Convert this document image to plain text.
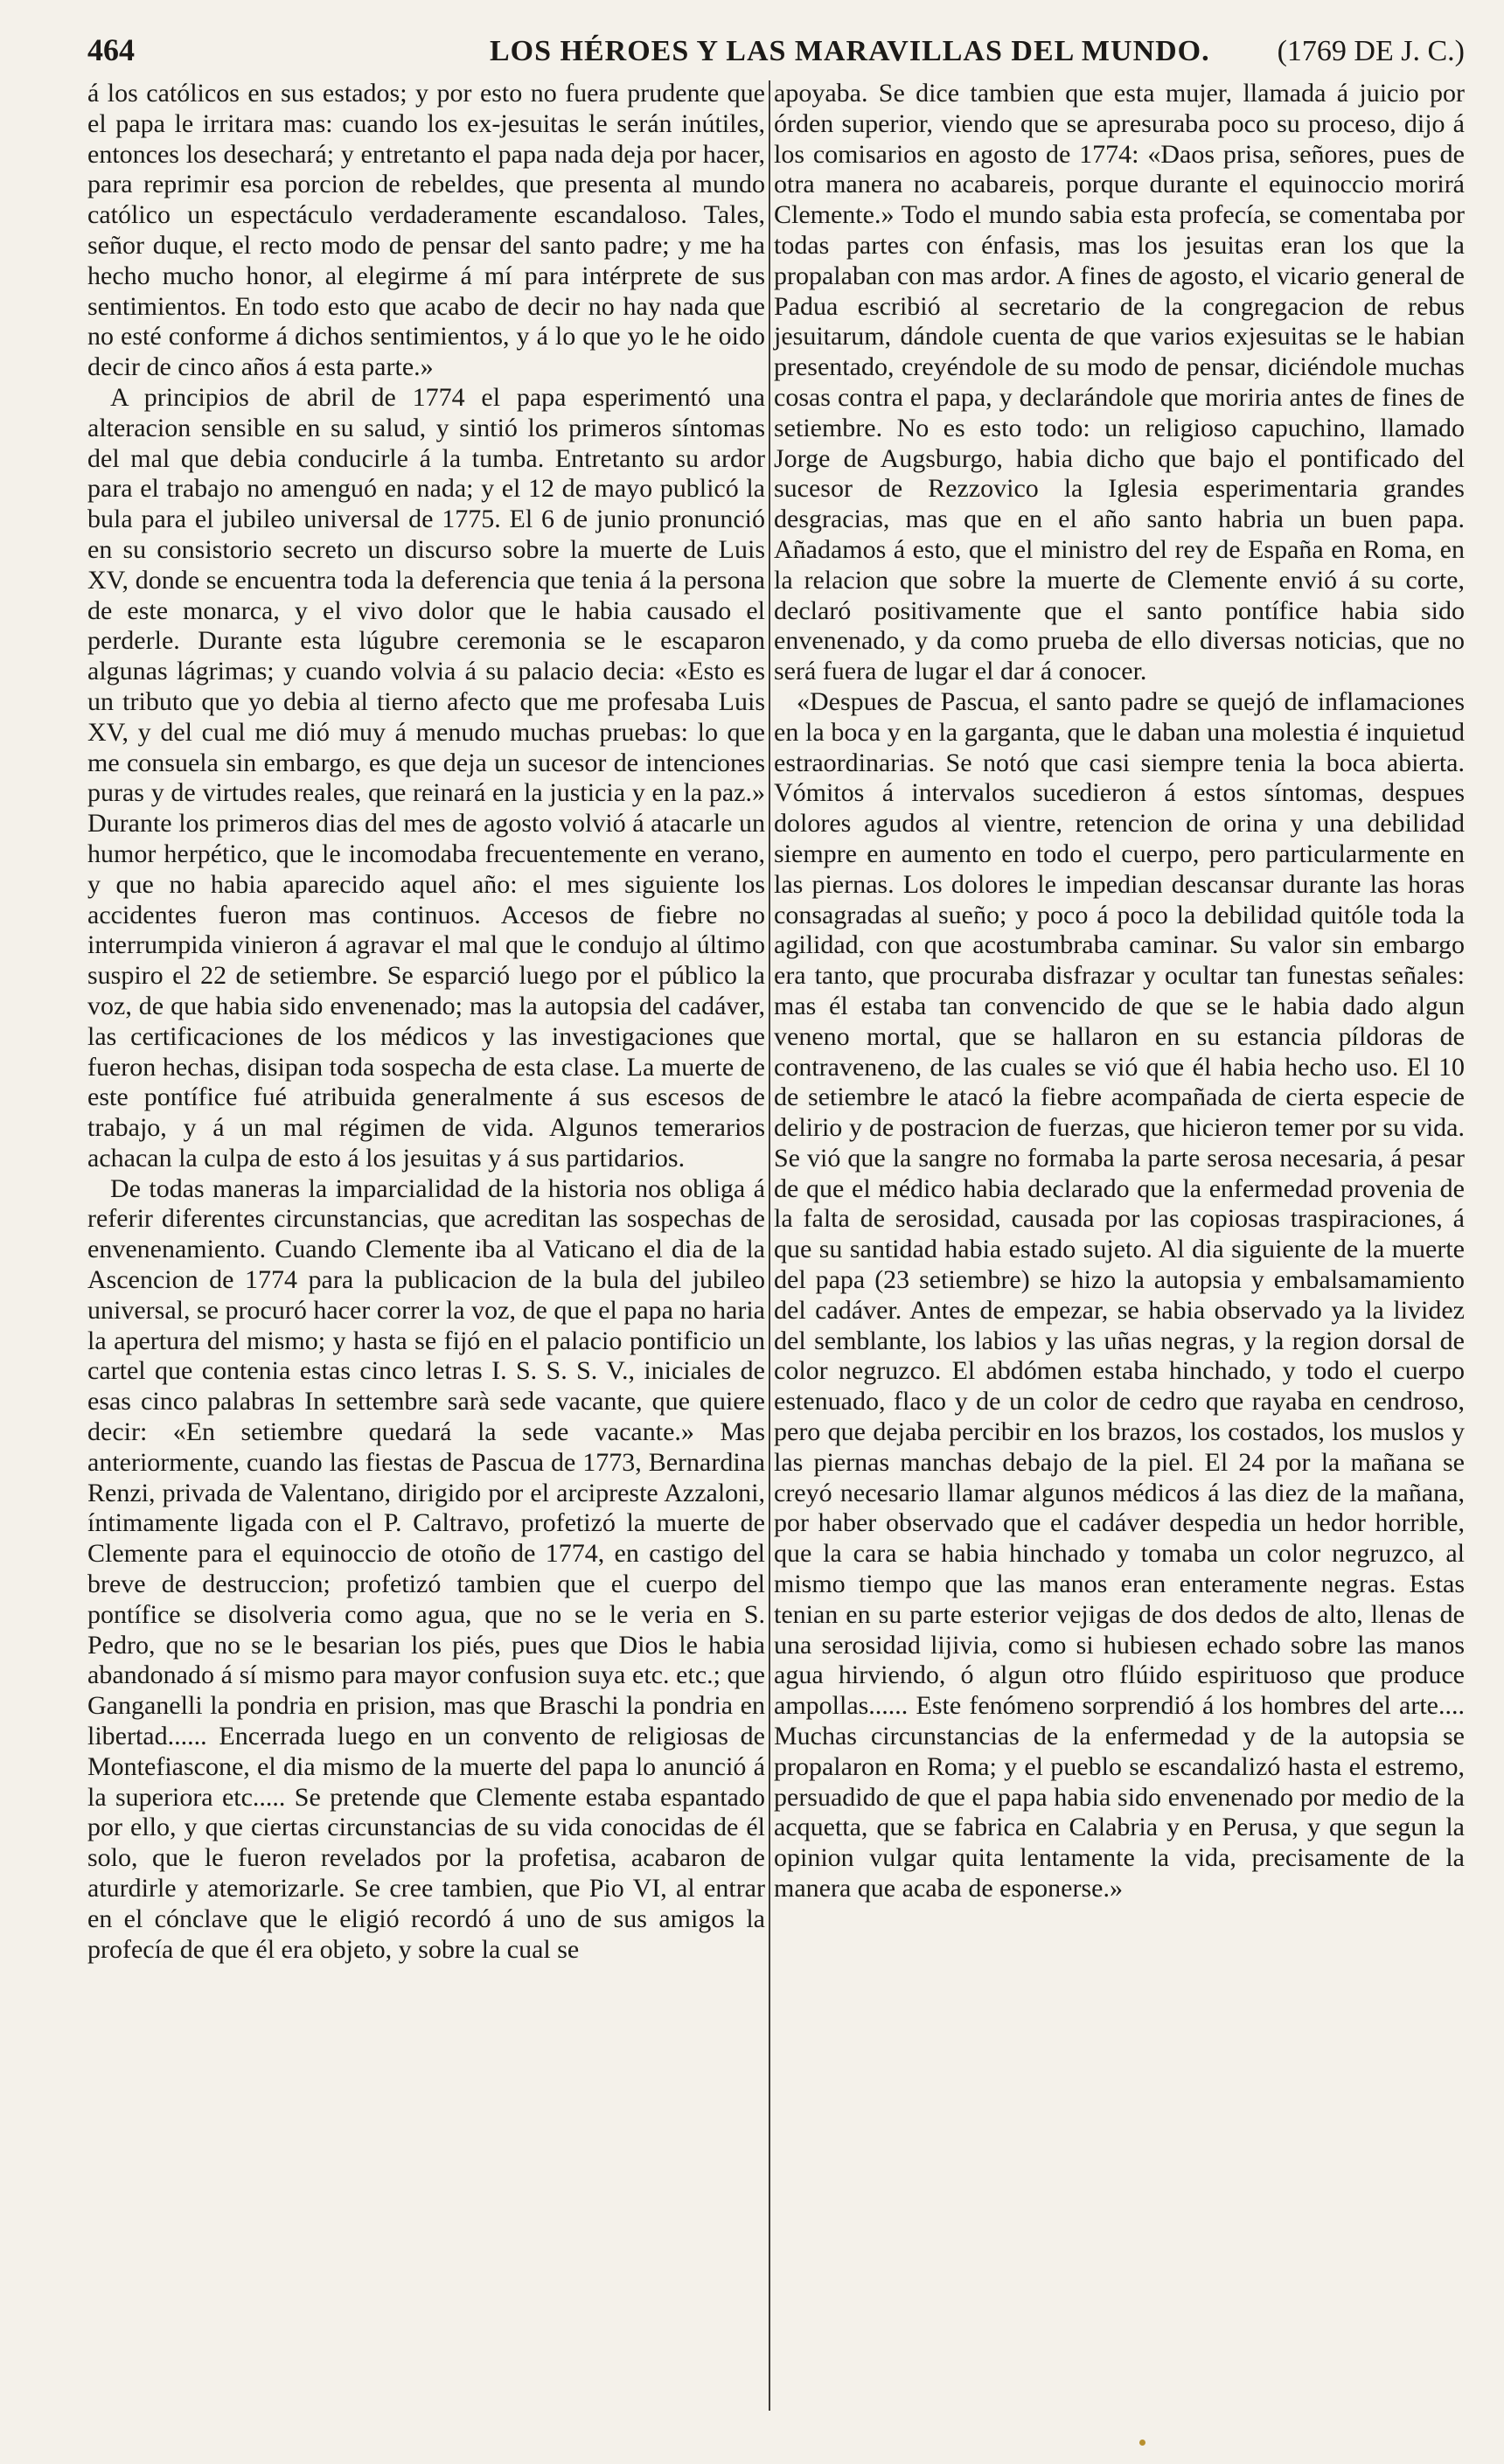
464	LOS HÉROES Y LAS MARAVILLAS DEL MUNDO. (1769 DE J. C.)

á los católicos en sus estados; y por esto no fuera prudente que el papa le irritara mas: cuando los ex-jesuitas le serán inútiles, entonces los desechará; y entretanto el papa nada deja por hacer, para reprimir esa porcion de rebeldes, que presenta al mundo católico un espectáculo verdaderamente escandaloso. Tales, señor duque, el recto modo de pensar del santo padre; y me ha hecho mucho honor, al elegirme á mí para intérprete de sus sentimientos. En todo esto que acabo de decir no hay nada que no esté conforme á dichos sentimientos, y á lo que yo le he oido decir de cinco años á esta parte.»

A principios de abril de 1774 el papa esperimentó una alteracion sensible en su salud, y sintió los primeros síntomas del mal que debia conducirle á la tumba. Entretanto su ardor para el trabajo no amenguó en nada; y el 12 de mayo publicó la bula para el jubileo universal de 1775. El 6 de junio pronunció en su consistorio secreto un discurso sobre la muerte de Luis XV, donde se encuentra toda la deferencia que tenia á la persona de este monarca, y el vivo dolor que le habia causado el perderle. Durante esta lúgubre ceremonia se le escaparon algunas lágrimas; y cuando volvia á su palacio decia: «Esto es un tributo que yo debia al tierno afecto que me profesaba Luis XV, y del cual me dió muy á menudo muchas pruebas: lo que me consuela sin embargo, es que deja un sucesor de intenciones puras y de virtudes reales, que reinará en la justicia y en la paz.» Durante los primeros dias del mes de agosto volvió á atacarle un humor herpético, que le incomodaba frecuentemente en verano, y que no habia aparecido aquel año: el mes siguiente los accidentes fueron mas continuos. Accesos de fiebre no interrumpida vinieron á agravar el mal que le condujo al último suspiro el 22 de setiembre. Se esparció luego por el público la voz, de que habia sido envenenado; mas la autopsia del cadáver, las certificaciones de los médicos y las investigaciones que fueron hechas, disipan toda sospecha de esta clase. La muerte de este pontífice fué atribuida generalmente á sus escesos de trabajo, y á un mal régimen de vida. Algunos temerarios achacan la culpa de esto á los jesuitas y á sus partidarios.

De todas maneras la imparcialidad de la historia nos obliga á referir diferentes circunstancias, que acreditan las sospechas de envenenamiento. Cuando Clemente iba al Vaticano el dia de la Ascencion de 1774 para la publicacion de la bula del jubileo universal, se procuró hacer correr la voz, de que el papa no haria la apertura del mismo; y hasta se fijó en el palacio pontificio un cartel que contenia estas cinco letras I. S. S. S. V., iniciales de esas cinco palabras In settembre sarà sede vacante, que quiere decir: «En setiembre quedará la sede vacante.» Mas anteriormente, cuando las fiestas de Pascua de 1773, Bernardina Renzi, privada de Valentano, dirigido por el arcipreste Azzaloni, íntimamente ligada con el P. Caltravo, profetizó la muerte de Clemente para el equinoccio de otoño de 1774, en castigo del breve de destruccion; profetizó tambien que el cuerpo del pontífice se disolveria como agua, que no se le veria en S. Pedro, que no se le besarian los piés, pues que Dios le habia abandonado á sí mismo para mayor confusion suya etc. etc.; que Ganganelli la pondria en prision, mas que Braschi la pondria en libertad...... Encerrada luego en un convento de religiosas de Montefiascone, el dia mismo de la muerte del papa lo anunció á la superiora etc..... Se pretende que Clemente estaba espantado por ello, y que ciertas circunstancias de su vida conocidas de él solo, que le fueron revelados por la profetisa, acabaron de aturdirle y atemorizarle. Se cree tambien, que Pio VI, al entrar en el cónclave que le eligió recordó á uno de sus amigos la profecía de que él era objeto, y sobre la cual se

apoyaba. Se dice tambien que esta mujer, llamada á juicio por órden superior, viendo que se apresuraba poco su proceso, dijo á los comisarios en agosto de 1774: «Daos prisa, señores, pues de otra manera no acabareis, porque durante el equinoccio morirá Clemente.» Todo el mundo sabia esta profecía, se comentaba por todas partes con énfasis, mas los jesuitas eran los que la propalaban con mas ardor. A fines de agosto, el vicario general de Padua escribió al secretario de la congregacion de rebus jesuitarum, dándole cuenta de que varios exjesuitas se le habian presentado, creyéndole de su modo de pensar, diciéndole muchas cosas contra el papa, y declarándole que moriria antes de fines de setiembre. No es esto todo: un religioso capuchino, llamado Jorge de Augsburgo, habia dicho que bajo el pontificado del sucesor de Rezzovico la Iglesia esperimentaria grandes desgracias, mas que en el año santo habria un buen papa. Añadamos á esto, que el ministro del rey de España en Roma, en la relacion que sobre la muerte de Clemente envió á su corte, declaró positivamente que el santo pontífice habia sido envenenado, y da como prueba de ello diversas noticias, que no será fuera de lugar el dar á conocer.

«Despues de Pascua, el santo padre se quejó de inflamaciones en la boca y en la garganta, que le daban una molestia é inquietud estraordinarias. Se notó que casi siempre tenia la boca abierta. Vómitos á intervalos sucedieron á estos síntomas, despues dolores agudos al vientre, retencion de orina y una debilidad siempre en aumento en todo el cuerpo, pero particularmente en las piernas. Los dolores le impedian descansar durante las horas consagradas al sueño; y poco á poco la debilidad quitóle toda la agilidad, con que acostumbraba caminar. Su valor sin embargo era tanto, que procuraba disfrazar y ocultar tan funestas señales: mas él estaba tan convencido de que se le habia dado algun veneno mortal, que se hallaron en su estancia píldoras de contraveneno, de las cuales se vió que él habia hecho uso. El 10 de setiembre le atacó la fiebre acompañada de cierta especie de delirio y de postracion de fuerzas, que hicieron temer por su vida. Se vió que la sangre no formaba la parte serosa necesaria, á pesar de que el médico habia declarado que la enfermedad provenia de la falta de serosidad, causada por las copiosas traspiraciones, á que su santidad habia estado sujeto. Al dia siguiente de la muerte del papa (23 setiembre) se hizo la autopsia y embalsamamiento del cadáver. Antes de empezar, se habia observado ya la lividez del semblante, los labios y las uñas negras, y la region dorsal de color negruzco. El abdómen estaba hinchado, y todo el cuerpo estenuado, flaco y de un color de cedro que rayaba en cendroso, pero que dejaba percibir en los brazos, los costados, los muslos y las piernas manchas debajo de la piel. El 24 por la mañana se creyó necesario llamar algunos médicos á las diez de la mañana, por haber observado que el cadáver despedia un hedor horrible, que la cara se habia hinchado y tomaba un color negruzco, al mismo tiempo que las manos eran enteramente negras. Estas tenian en su parte esterior vejigas de dos dedos de alto, llenas de una serosidad lijivia, como si hubiesen echado sobre las manos agua hirviendo, ó algun otro flúido espirituoso que produce ampollas...... Este fenómeno sorprendió á los hombres del arte.... Muchas circunstancias de la enfermedad y de la autopsia se propalaron en Roma; y el pueblo se escandalizó hasta el estremo, persuadido de que el papa habia sido envenenado por medio de la acquetta, que se fabrica en Calabria y en Perusa, y que segun la opinion vulgar quita lentamente la vida, precisamente de la manera que acaba de esponerse.»
